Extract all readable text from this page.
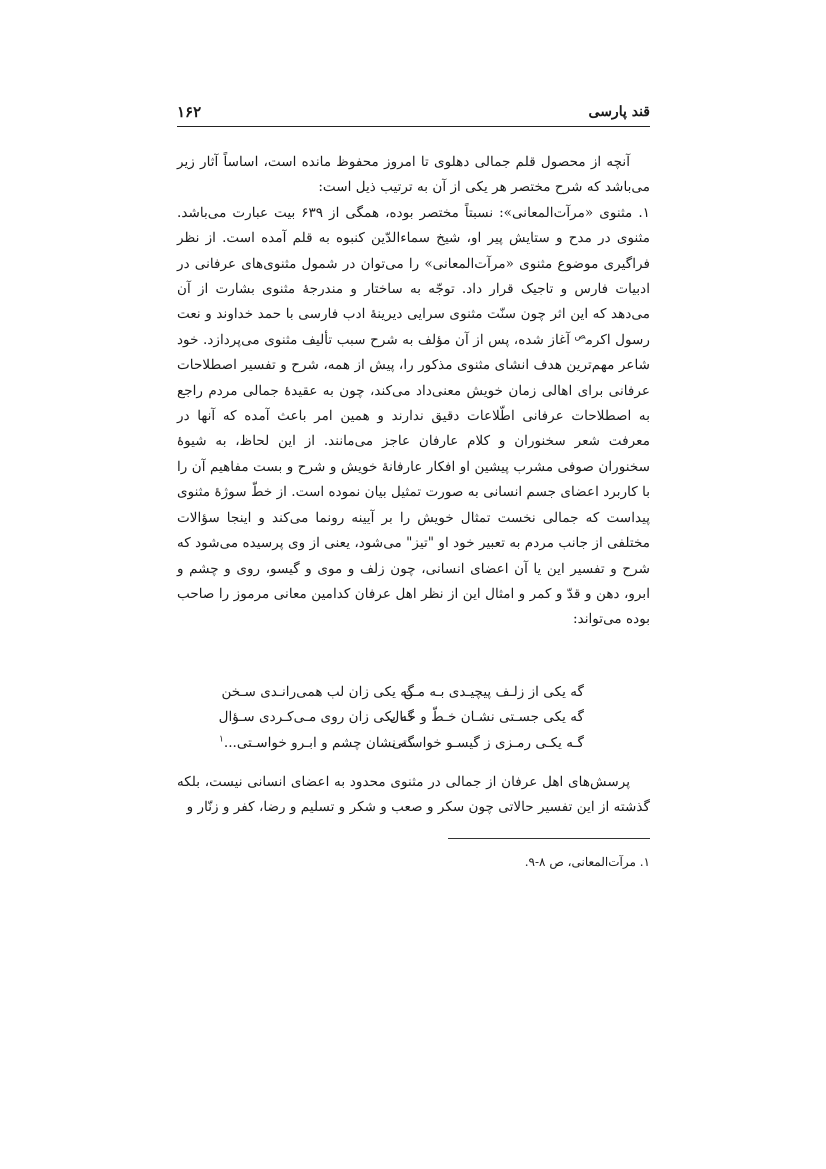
قند پارسی
۱۶۲

آنچه از محصول قلم جمالی دهلوی تا امروز محفوظ مانده است، اساساً آثار زیر می‌باشد که شرح مختصر هر یکی از آن به ترتیب ذیل است:

۱.مثنوی «مرآت‌المعانی»: نسبتاً مختصر بوده، همگی از ۶۳۹ بیت عبارت می‌باشد. مثنوی در مدح و ستایش پیر او، شیخ سماءالدّین کنبوه به قلم آمده است. از نظر فراگیری موضوع مثنوی «مرآت‌المعانی» را می‌توان در شمول مثنوی‌های عرفانی در ادبیات فارس و تاجیک قرار داد. توجّه به ساختار و مندرجهٔ مثنوی بشارت از آن می‌دهد که این اثر چون سنّت مثنوی سرایی دیرینهٔ ادب فارسی با حمد خداوند و نعت رسول اکرم$^ص$ آغاز شده، پس از آن مؤلف به شرح سبب تألیف مثنوی می‌پردازد. خود شاعر مهم‌ترین هدف انشای مثنوی مذکور را، پیش از همه، شرح و تفسیر اصطلاحات عرفانی برای اهالی زمان خویش معنی‌داد می‌کند، چون به عقیدهٔ جمالی مردم راجع به اصطلاحات عرفانی اطّلاعات دقیق ندارند و همین امر باعث آمده که آنها در معرفت شعر سخنوران و کلام عارفان عاجز می‌مانند. از این لحاظ، به شیوهٔ سخنوران صوفی مشرب پیشین او افکار عارفانهٔ خویش و شرح و بست مفاهیم آن را با کاربرد اعضای جسم انسانی به صورت تمثیل بیان نموده است. از خطّ سوژهٔ مثنوی پیداست که جمالی نخست تمثال خویش را بر آیینه رونما می‌کند و اینجا سؤالات مختلفی از جانب مردم به تعبیر خود او "تیز" می‌شود، یعنی از وی پرسیده می‌شود که شرح و تفسیر این یا آن اعضای انسانی، چون زلف و موی و گیسو، روی و چشم و ابرو، دهن و قدّ و کمر و امثال این از نظر اهل عرفان کدامین معانی مرموز را صاحب بوده می‌تواند:

گه یکی از زلـف پیچیـدی بـه مـن
گه یکی زان لب همی‌رانـدی سـخن
گه یکی جسـتی نشـان خـطّ و خـال
گه یکی زان روی مـی‌کـردی سـؤال
گـه یکـی رمـزی ز گیسـو خواسـتی
گه نشان چشم و ابـرو خواسـتی...$^۱$

پرسش‌های اهل عرفان از جمالی در مثنوی محدود به اعضای انسانی نیست، بلکه گذشته از این تفسیر حالاتی چون سکر و صعب و شکر و تسلیم و رضا، کفر و زنّار و

۱. مرآت‌المعانی، ص ۸-۹.
